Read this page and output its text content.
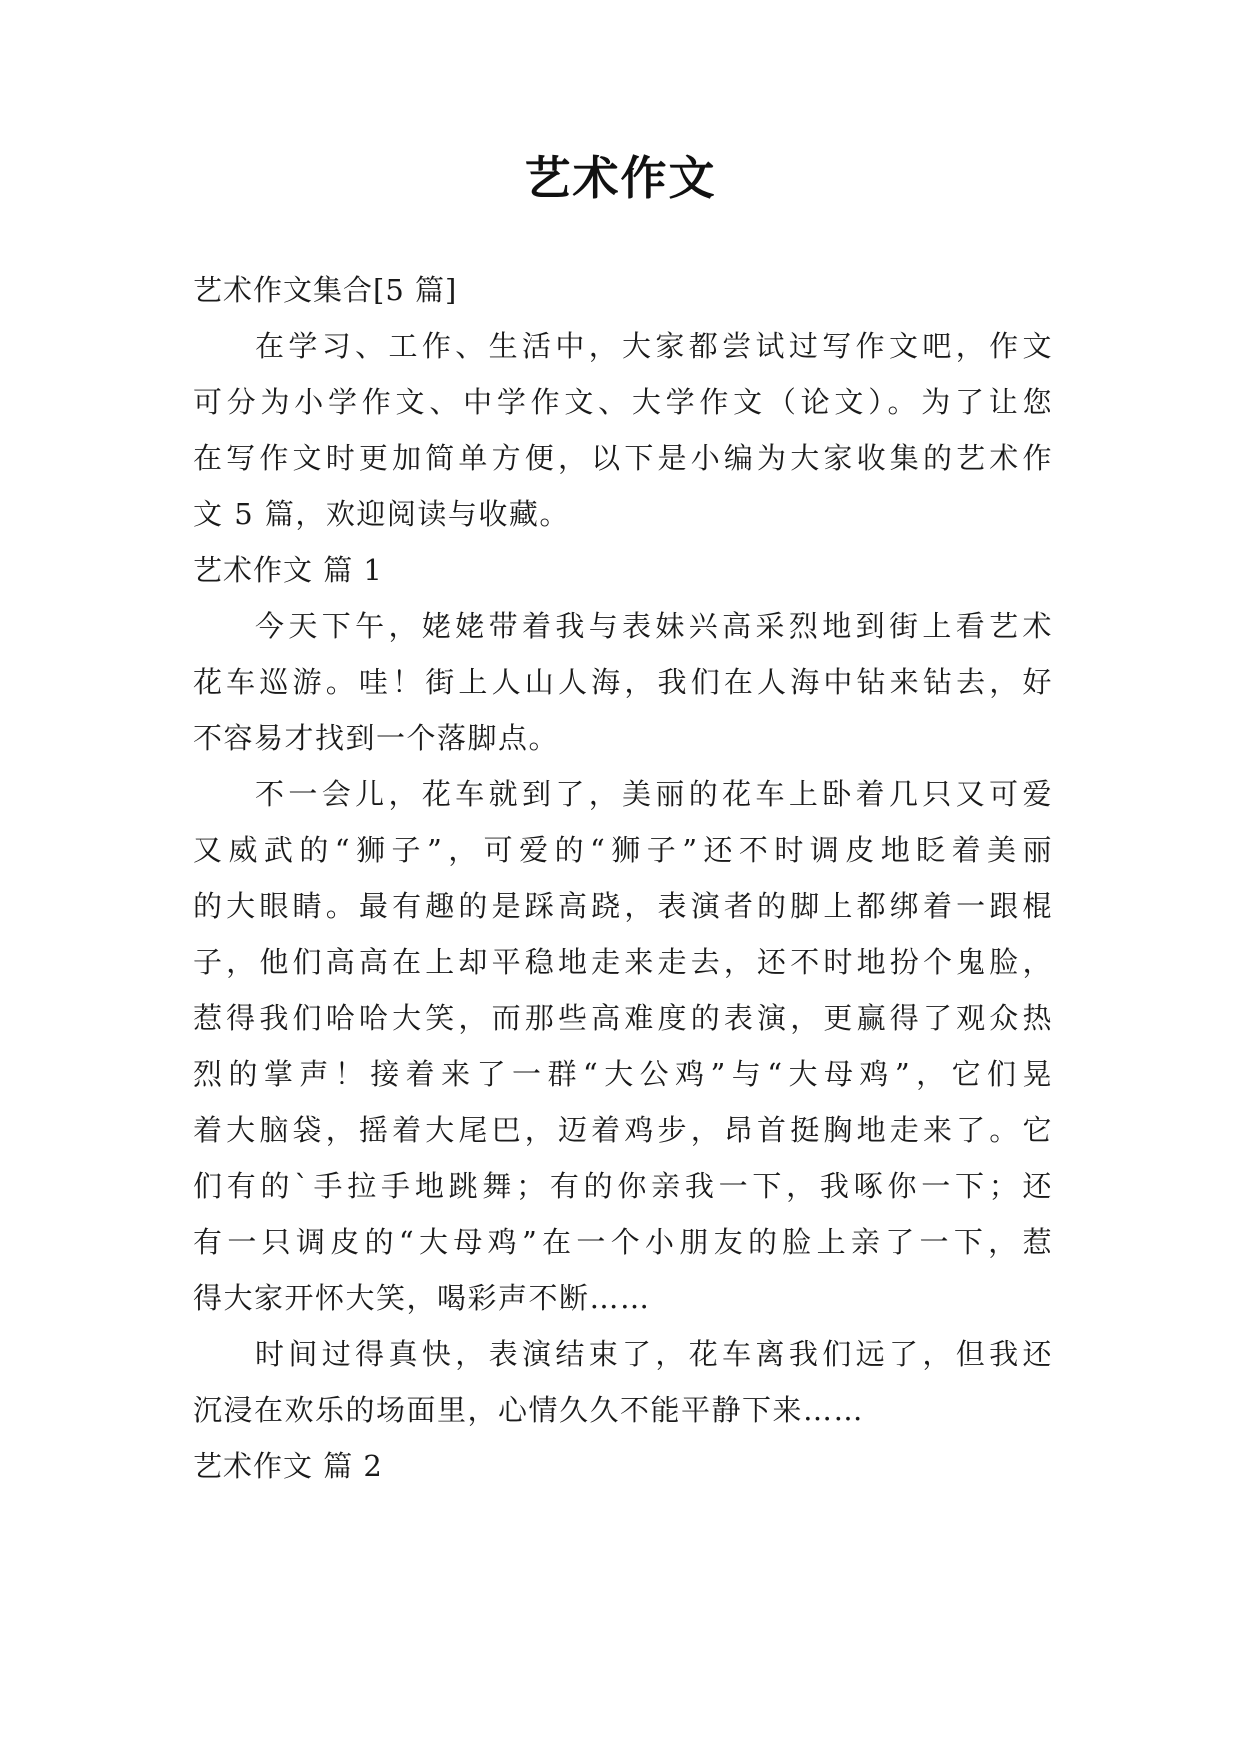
艺术作文
艺术作文集合[5 篇]
在学习、工作、生活中，大家都尝试过写作文吧，作文
可分为小学作文、中学作文、大学作文（论文）。为了让您
在写作文时更加简单方便，以下是小编为大家收集的艺术作
文 5 篇，欢迎阅读与收藏。
艺术作文 篇 1
今天下午，姥姥带着我与表妹兴高采烈地到街上看艺术
花车巡游。哇！街上人山人海，我们在人海中钻来钻去，好
不容易才找到一个落脚点。
不一会儿，花车就到了，美丽的花车上卧着几只又可爱
又威武的“狮子”，可爱的“狮子”还不时调皮地眨着美丽
的大眼睛。最有趣的是踩高跷，表演者的脚上都绑着一跟棍
子，他们高高在上却平稳地走来走去，还不时地扮个鬼脸，
惹得我们哈哈大笑，而那些高难度的表演，更赢得了观众热
烈的掌声！接着来了一群“大公鸡”与“大母鸡”，它们晃
着大脑袋，摇着大尾巴，迈着鸡步，昂首挺胸地走来了。它
们有的`手拉手地跳舞；有的你亲我一下，我啄你一下；还
有一只调皮的“大母鸡”在一个小朋友的脸上亲了一下，惹
得大家开怀大笑，喝彩声不断……
时间过得真快，表演结束了，花车离我们远了，但我还
沉浸在欢乐的场面里，心情久久不能平静下来……
艺术作文 篇 2
